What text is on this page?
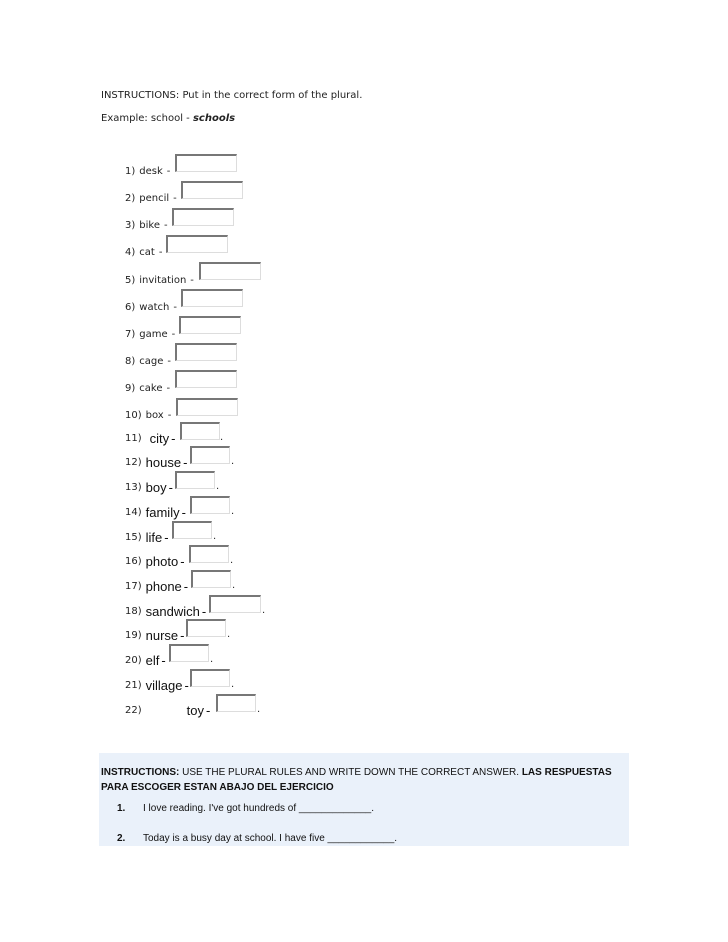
INSTRUCTIONS: Put in the correct form of the plural.
Example: school - schools
1) desk -
2) pencil -
3) bike -
4) cat -
5) invitation -
6) watch -
7) game -
8) cage -
9) cake -
10) box -
11) city -	.
12) house -	.
13) boy -	.
14) family -	.
15) life -	.
16) photo -	.
17) phone -	.
18) sandwich -	.
19) nurse -	.
20) elf -	.
21) village -	.
22)	toy -	.
INSTRUCTIONS: USE THE PLURAL RULES AND WRITE DOWN THE CORRECT ANSWER. LAS RESPUESTAS PARA ESCOGER ESTAN ABAJO DEL EJERCICIO
1.	I love reading. I've got hundreds of _____________.
2.	Today is a busy day at school. I have five ____________.
